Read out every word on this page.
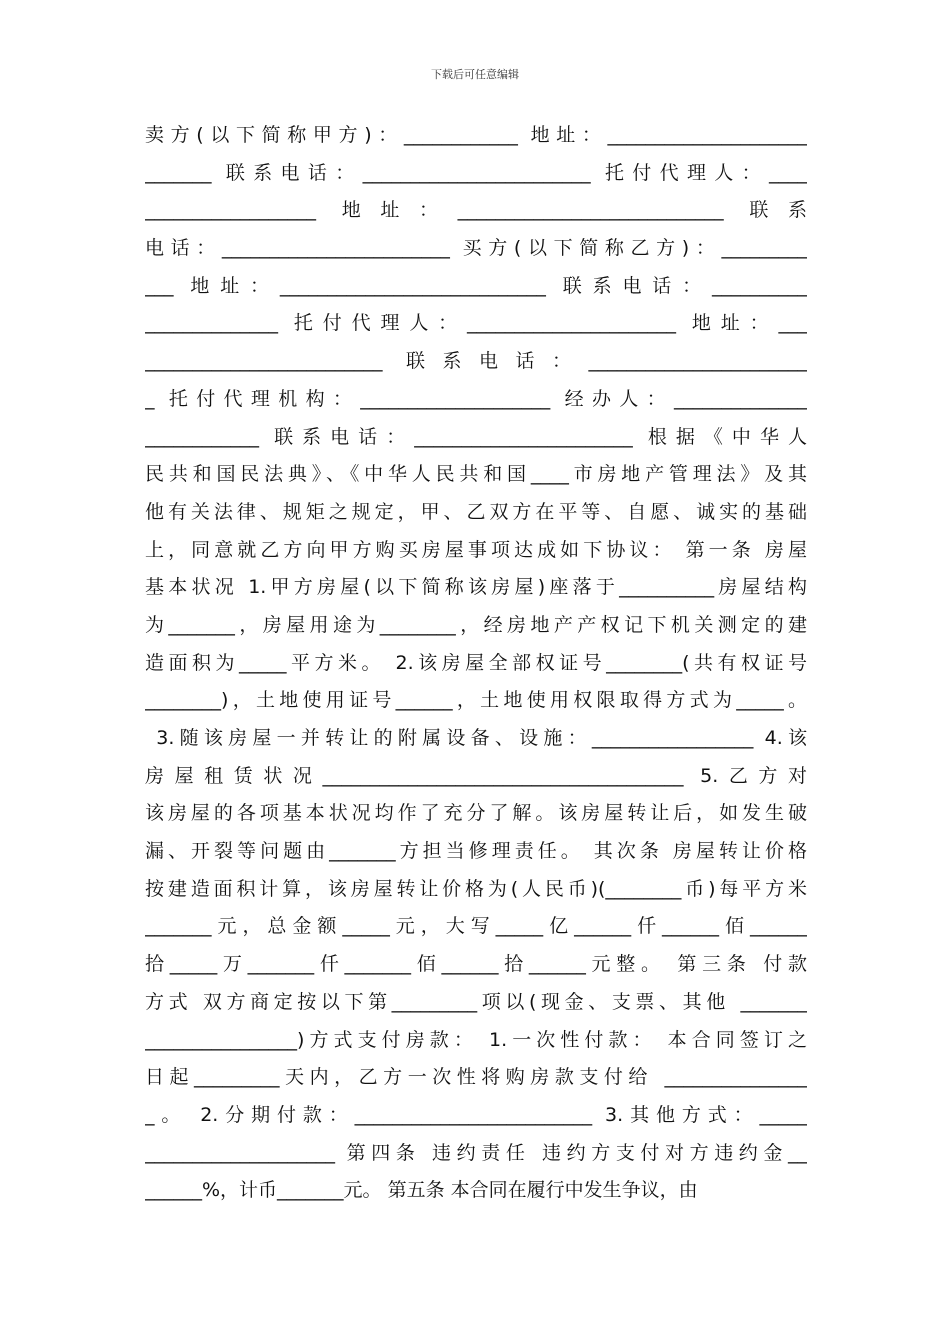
下载后可任意编辑
卖方(以下简称甲方)：____________ 地址：_____________________
_______ 联系电话：________________________ 托付代理人：____
__________________ 地址：____________________________ 联系
电话：________________________ 买方(以下简称乙方)：_________
___ 地址：____________________________ 联系电话：__________
______________ 托付代理人：______________________ 地址：___
_________________________ 联系电话：_______________________
_ 托付代理机构：____________________ 经办人：______________
____________ 联系电话：_______________________ 根据《中华人
民共和国民法典》、《中华人民共和国____市房地产管理法》及其
他有关法律、规矩之规定，甲、乙双方在平等、自愿、诚实的基础
上，同意就乙方向甲方购买房屋事项达成如下协议： 第一条 房屋
基本状况 1.甲方房屋(以下简称该房屋)座落于__________房屋结构
为_______，房屋用途为________，经房地产产权记下机关测定的建
造面积为_____平方米。 2.该房屋全部权证号________(共有权证号
________)，土地使用证号______，土地使用权限取得方式为_____。
3.随该房屋一并转让的附属设备、设施：_________________ 4.该
房屋租赁状况______________________________________ 5.乙方对
该房屋的各项基本状况均作了充分了解。该房屋转让后，如发生破
漏、开裂等问题由_______方担当修理责任。 其次条 房屋转让价格
按建造面积计算，该房屋转让价格为(人民币)(________币)每平方米
_______元，总金额_____元，大写_____亿______仟______佰______
拾_____万_______仟_______佰______拾______元整。 第三条 付款
方式 双方商定按以下第_________项以(现金、支票、其他 _______
________________)方式支付房款： 1.一次性付款： 本合同签订之
日起_________天内，乙方一次性将购房款支付给 _______________
_。 2.分期付款：_________________________ 3.其他方式：_____
____________________ 第四条 违约责任 违约方支付对方违约金__
______%，计币_______元。 第五条 本合同在履行中发生争议，由
